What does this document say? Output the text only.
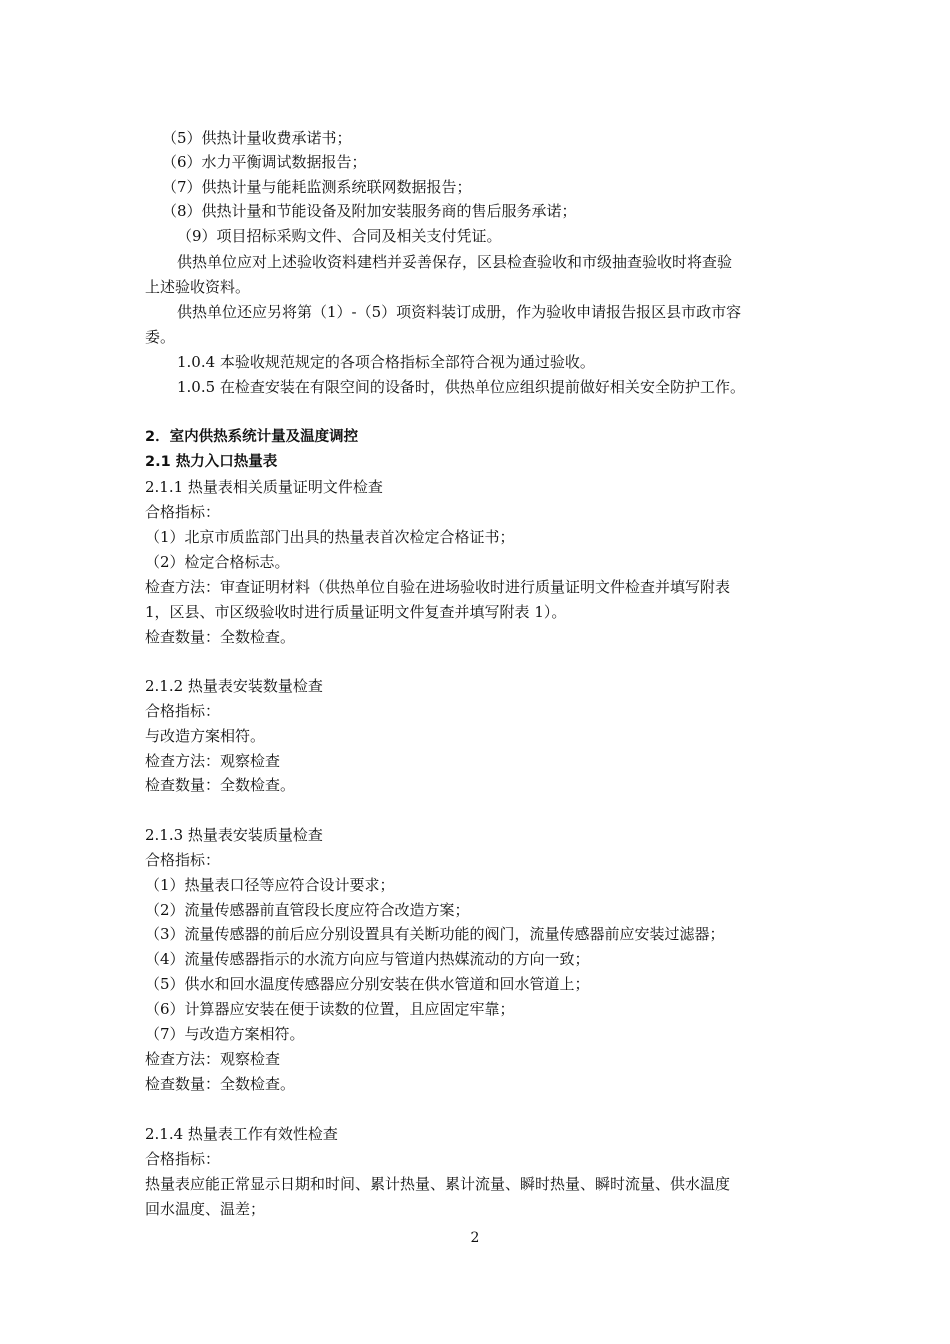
（5）供热计量收费承诺书；
（6）水力平衡调试数据报告；
（7）供热计量与能耗监测系统联网数据报告；
（8）供热计量和节能设备及附加安装服务商的售后服务承诺；
（9）项目招标采购文件、合同及相关支付凭证。
供热单位应对上述验收资料建档并妥善保存，区县检查验收和市级抽查验收时将查验
上述验收资料。
供热单位还应另将第（1）-（5）项资料装订成册，作为验收申请报告报区县市政市容
委。
1.0.4 本验收规范规定的各项合格指标全部符合视为通过验收。
1.0.5 在检查安装在有限空间的设备时，供热单位应组织提前做好相关安全防护工作。
2．室内供热系统计量及温度调控
2.1 热力入口热量表
2.1.1 热量表相关质量证明文件检查
合格指标：
（1）北京市质监部门出具的热量表首次检定合格证书；
（2）检定合格标志。
检查方法：审查证明材料（供热单位自验在进场验收时进行质量证明文件检查并填写附表
1，区县、市区级验收时进行质量证明文件复查并填写附表 1）。
检查数量：全数检查。
2.1.2 热量表安装数量检查
合格指标：
与改造方案相符。
检查方法：观察检查
检查数量：全数检查。
2.1.3 热量表安装质量检查
合格指标：
（1）热量表口径等应符合设计要求；
（2）流量传感器前直管段长度应符合改造方案；
（3）流量传感器的前后应分别设置具有关断功能的阀门，流量传感器前应安装过滤器；
（4）流量传感器指示的水流方向应与管道内热媒流动的方向一致；
（5）供水和回水温度传感器应分别安装在供水管道和回水管道上；
（6）计算器应安装在便于读数的位置，且应固定牢靠；
（7）与改造方案相符。
检查方法：观察检查
检查数量：全数检查。
2.1.4 热量表工作有效性检查
合格指标：
热量表应能正常显示日期和时间、累计热量、累计流量、瞬时热量、瞬时流量、供水温度
回水温度、温差；
2
